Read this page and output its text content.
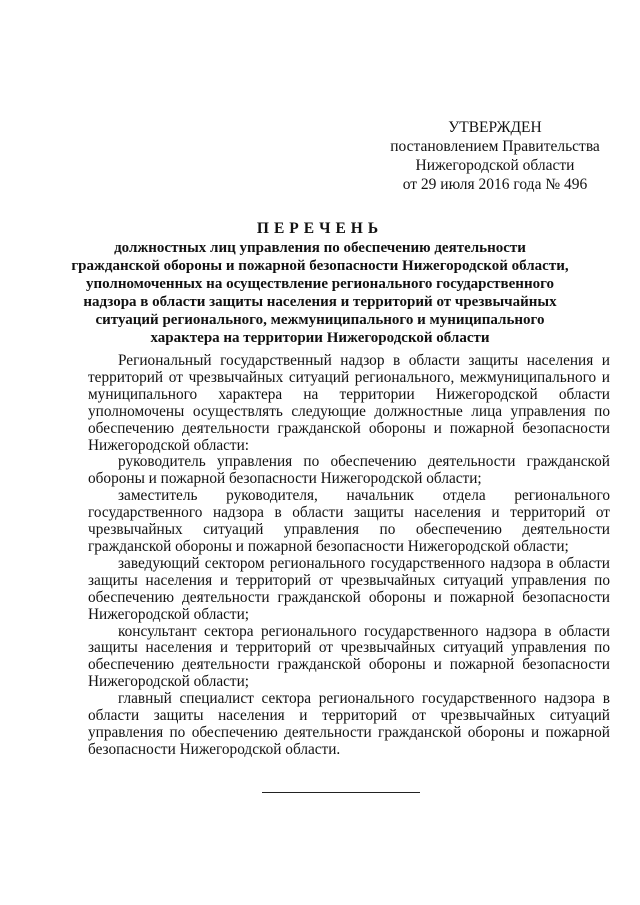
УТВЕРЖДЕН
постановлением Правительства
Нижегородской области
от 29 июля 2016 года № 496
ПЕРЕЧЕНЬ
должностных лиц управления по обеспечению деятельности
гражданской обороны и пожарной безопасности Нижегородской области,
уполномоченных на осуществление регионального государственного
надзора в области защиты населения и территорий от чрезвычайных
ситуаций регионального, межмуниципального и муниципального
характера на территории Нижегородской области

Региональный государственный надзор в области защиты населения и территорий от чрезвычайных ситуаций регионального, межмуниципального и муниципального характера на территории Нижегородской области уполномочены осуществлять следующие должностные лица управления по обеспечению деятельности гражданской обороны и пожарной безопасности Нижегородской области:

руководитель управления по обеспечению деятельности гражданской обороны и пожарной безопасности Нижегородской области;

заместитель руководителя, начальник отдела регионального государственного надзора в области защиты населения и территорий от чрезвычайных ситуаций управления по обеспечению деятельности гражданской обороны и пожарной безопасности Нижегородской области;

заведующий сектором регионального государственного надзора в области защиты населения и территорий от чрезвычайных ситуаций управления по обеспечению деятельности гражданской обороны и пожарной безопасности Нижегородской области;

консультант сектора регионального государственного надзора в области защиты населения и территорий от чрезвычайных ситуаций управления по обеспечению деятельности гражданской обороны и пожарной безопасности Нижегородской области;

главный специалист сектора регионального государственного надзора в области защиты населения и территорий от чрезвычайных ситуаций управления по обеспечению деятельности гражданской обороны и пожарной безопасности Нижегородской области.
